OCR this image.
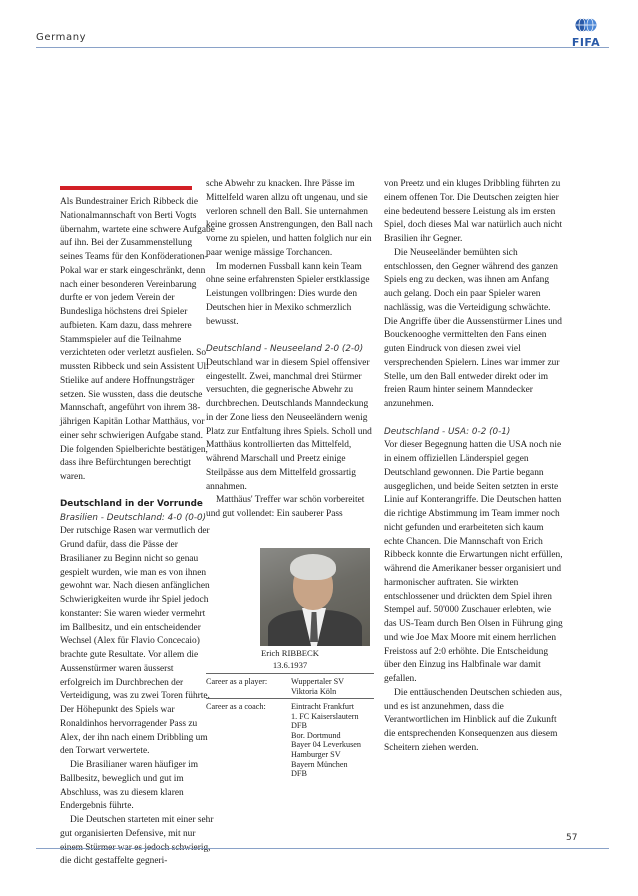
Germany	FIFA

Als Bundestrainer Erich Ribbeck die Nationalmannschaft von Berti Vogts übernahm, wartete eine schwere Aufgabe auf ihn. Bei der Zusammenstellung seines Teams für den Konföderationen-Pokal war er stark eingeschränkt, denn nach einer besonderen Vereinbarung durfte er von jedem Verein der Bundesliga höchstens drei Spieler aufbieten. Kam dazu, dass mehrere Stammspieler auf die Teilnahme verzichteten oder verletzt ausfielen. So mussten Ribbeck und sein Assistent Uli Stielike auf andere Hoffnungsträger setzen. Sie wussten, dass die deutsche Mannschaft, angeführt von ihrem 38-jährigen Kapitän Lothar Matthäus, vor einer sehr schwierigen Aufgabe stand. Die folgenden Spielberichte bestätigen, dass ihre Befürchtungen berechtigt waren.

Deutschland in der Vorrunde

Brasilien - Deutschland: 4-0 (0-0)

Der rutschige Rasen war vermutlich der Grund dafür, dass die Pässe der Brasilianer zu Beginn nicht so genau gespielt wurden, wie man es von ihnen gewohnt war. Nach diesen anfänglichen Schwierigkeiten wurde ihr Spiel jedoch konstanter: Sie waren wieder vermehrt im Ballbesitz, und ein entscheidender Wechsel (Alex für Flavio Concecaio) brachte gute Resultate. Vor allem die Aussenstürmer waren äusserst erfolgreich im Durchbrechen der Verteidigung, was zu zwei Toren führte. Der Höhepunkt des Spiels war Ronaldinhos hervorragender Pass zu Alex, der ihn nach einem Dribbling um den Torwart verwertete.

Die Brasilianer waren häufiger im Ballbesitz, beweglich und gut im Abschluss, was zu diesem klaren Endergebnis führte.

Die Deutschen starteten mit einer sehr gut organisierten Defensive, mit nur einem Stürmer war es jedoch schwierig, die dicht gestaffelte gegneri-

sche Abwehr zu knacken. Ihre Pässe im Mittelfeld waren allzu oft ungenau, und sie verloren schnell den Ball. Sie unternahmen keine grossen Anstrengungen, den Ball nach vorne zu spielen, und hatten folglich nur ein paar wenige mässige Torchancen.

Im modernen Fussball kann kein Team ohne seine erfahrensten Spieler erstklassige Leistungen vollbringen: Dies wurde den Deutschen hier in Mexiko schmerzlich bewusst.

Deutschland - Neuseeland 2-0 (2-0)

Deutschland war in diesem Spiel offensiver eingestellt. Zwei, manchmal drei Stürmer versuchten, die gegnerische Abwehr zu durchbrechen. Deutschlands Manndeckung in der Zone liess den Neuseeländern wenig Platz zur Entfaltung ihres Spiels. Scholl und Matthäus kontrollierten das Mittelfeld, während Marschall und Preetz einige Steilpässe aus dem Mittelfeld grossartig annahmen.

Matthäus' Treffer war schön vorbereitet und gut vollendet: Ein sauberer Pass

von Preetz und ein kluges Dribbling führten zu einem offenen Tor. Die Deutschen zeigten hier eine bedeutend bessere Leistung als im ersten Spiel, doch dieses Mal war natürlich auch nicht Brasilien ihr Gegner.

Die Neuseeländer bemühten sich entschlossen, den Gegner während des ganzen Spiels eng zu decken, was ihnen am Anfang auch gelang. Doch ein paar Spieler waren nachlässig, was die Verteidigung schwächte. Die Angriffe über die Aussenstürmer Lines und Bouckenooghe vermittelten den Fans einen guten Eindruck von diesen zwei viel versprechenden Spielern. Lines war immer zur Stelle, um den Ball entweder direkt oder im freien Raum hinter seinem Manndecker anzunehmen.

Deutschland - USA: 0-2 (0-1)

Vor dieser Begegnung hatten die USA noch nie in einem offiziellen Länderspiel gegen Deutschland gewonnen. Die Partie begann ausgeglichen, und beide Seiten setzten in erste Linie auf Konterangriffe. Die Deutschen hatten die richtige Abstimmung im Team immer noch nicht gefunden und erarbeiteten sich kaum echte Chancen. Die Mannschaft von Erich Ribbeck konnte die Erwartungen nicht erfüllen, während die Amerikaner besser organisiert und harmonischer auftraten. Sie wirkten entschlossener und drückten dem Spiel ihren Stempel auf. 50'000 Zuschauer erlebten, wie das US-Team durch Ben Olsen in Führung ging und wie Joe Max Moore mit einem herrlichen Freistoss auf 2:0 erhöhte. Die Entscheidung über den Einzug ins Halbfinale war damit gefallen.

Die enttäuschenden Deutschen schieden aus, und es ist anzunehmen, dass die Verantwortlichen im Hinblick auf die Zukunft die entsprechenden Konsequenzen aus diesem Scheitern ziehen werden.

Erich RIBBECK
13.6.1937
Career as a player:	Wuppertaler SV
Viktoria Köln
Career as a coach:	Eintracht Frankfurt
1. FC Kaiserslautern
DFB
Bor. Dortmund
Bayer 04 Leverkusen
Hamburger SV
Bayern München
DFB
57
